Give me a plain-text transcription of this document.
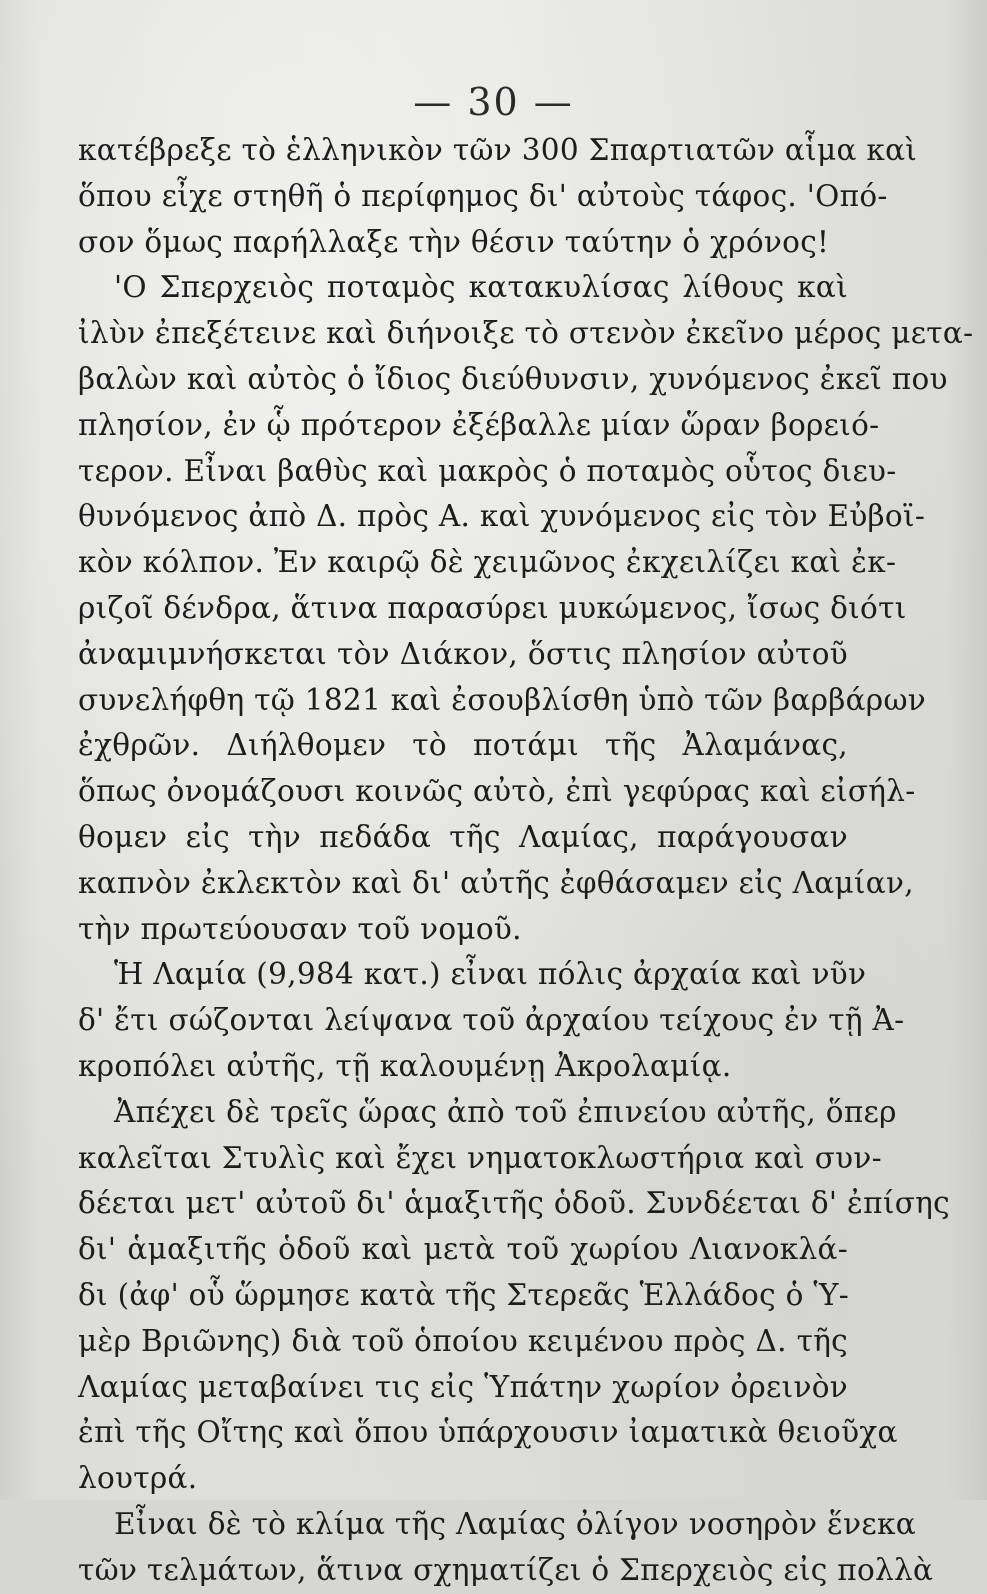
— 30 —
κατέβρεξε τὸ ἑλληνικὸν τῶν 300 Σπαρτιατῶν αἷμα καὶ
ὅπου εἶχε στηθῆ ὁ περίφημος δι' αὐτοὺς τάφος. 'Οπό-
σον ὅμως παρήλλαξε τὴν θέσιν ταύτην ὁ χρόνος!
'Ο Σπερχειὸς ποταμὸς κατακυλίσας λίθους καὶ
ἰλὺν ἐπεξέτεινε καὶ διήνοιξε τὸ στενὸν ἐκεῖνο μέρος μετα-
βαλὼν καὶ αὐτὸς ὁ ἴδιος διεύθυνσιν, χυνόμενος ἐκεῖ που
πλησίον, ἐν ᾧ πρότερον ἐξέβαλλε μίαν ὥραν βορειό-
τερον. Εἶναι βαθὺς καὶ μακρὸς ὁ ποταμὸς οὗτος διευ-
θυνόμενος ἀπὸ Δ. πρὸς Α. καὶ χυνόμενος εἰς τὸν Εὐβοϊ-
κὸν κόλπον. Ἐν καιρῷ δὲ χειμῶνος ἐκχειλίζει καὶ ἐκ-
ριζοῖ δένδρα, ἅτινα παρασύρει μυκώμενος, ἴσως διότι
ἀναμιμνήσκεται τὸν Διάκον, ὅστις πλησίον αὐτοῦ
συνελήφθη τῷ 1821 καὶ ἐσουβλίσθη ὑπὸ τῶν βαρβάρων
ἐχθρῶν. Διήλθομεν τὸ ποτάμι τῆς Ἀλαμάνας,
ὅπως ὀνομάζουσι κοινῶς αὐτὸ, ἐπὶ γεφύρας καὶ εἰσήλ-
θομεν εἰς τὴν πεδάδα τῆς Λαμίας, παράγουσαν
καπνὸν ἐκλεκτὸν καὶ δι' αὐτῆς ἐφθάσαμεν εἰς Λαμίαν,
τὴν πρωτεύουσαν τοῦ νομοῦ.
Ἡ Λαμία (9,984 κατ.) εἶναι πόλις ἀρχαία καὶ νῦν
δ' ἔτι σώζονται λείψανα τοῦ ἀρχαίου τείχους ἐν τῇ Ἀ-
κροπόλει αὐτῆς, τῇ καλουμένῃ Ἀκρολαμίᾳ.
Ἀπέχει δὲ τρεῖς ὥρας ἀπὸ τοῦ ἐπινείου αὐτῆς, ὅπερ
καλεῖται Στυλὶς καὶ ἔχει νηματοκλωστήρια καὶ συν-
δέεται μετ' αὐτοῦ δι' ἁμαξιτῆς ὁδοῦ. Συνδέεται δ' ἐπίσης
δι' ἁμαξιτῆς ὁδοῦ καὶ μετὰ τοῦ χωρίου Λιανοκλά-
δι (ἀφ' οὗ ὥρμησε κατὰ τῆς Στερεᾶς Ἑλλάδος ὁ Ὑ-
μὲρ Βριῶνης) διὰ τοῦ ὁποίου κειμένου πρὸς Δ. τῆς
Λαμίας μεταβαίνει τις εἰς Ὑπάτην χωρίον ὀρεινὸν
ἐπὶ τῆς Οἴτης καὶ ὅπου ὑπάρχουσιν ἰαματικὰ θειοῦχα
λουτρά.
Εἶναι δὲ τὸ κλίμα τῆς Λαμίας ὀλίγον νοσηρὸν ἕνεκα
τῶν τελμάτων, ἅτινα σχηματίζει ὁ Σπερχειὸς εἰς πολλὰ
